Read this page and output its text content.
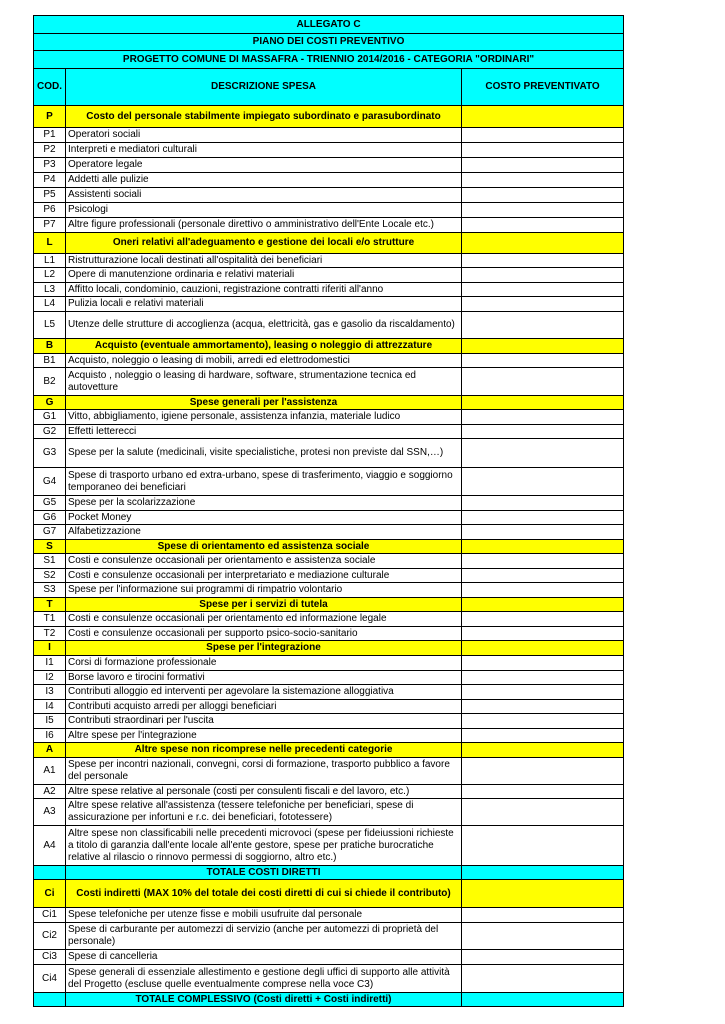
ALLEGATO C		
PIANO DEI COSTI PREVENTIVO		
PROGETTO COMUNE DI MASSAFRA - TRIENNIO 2014/2016 - CATEGORIA "ORDINARI"		
COD.	DESCRIZIONE SPESA	COSTO PREVENTIVATO
P	Costo del personale stabilmente impiegato subordinato e parasubordinato	
P1	Operatori sociali	
P2	Interpreti e mediatori culturali	
P3	Operatore legale	
P4	Addetti alle pulizie	
P5	Assistenti sociali	
P6	Psicologi	
P7	Altre figure professionali (personale direttivo o amministrativo dell'Ente Locale etc.)	
L	Oneri relativi all'adeguamento e gestione dei locali e/o strutture	
L1	Ristrutturazione locali destinati all'ospitalità dei beneficiari	
L2	Opere di manutenzione ordinaria e relativi materiali	
L3	Affitto locali, condominio, cauzioni, registrazione contratti riferiti all'anno	
L4	Pulizia locali e relativi materiali	
L5	Utenze delle strutture di accoglienza (acqua, elettricità, gas e gasolio da riscaldamento)	
B	Acquisto (eventuale ammortamento), leasing o noleggio di attrezzature	
B1	Acquisto, noleggio o leasing di mobili, arredi ed elettrodomestici	
B2	Acquisto , noleggio o leasing di hardware, software, strumentazione tecnica ed autovetture	
G	Spese generali per l'assistenza	
G1	Vitto, abbigliamento, igiene personale, assistenza infanzia, materiale ludico	
G2	Effetti letterecci	
G3	Spese per la salute (medicinali, visite specialistiche, protesi non previste dal SSN,…)	
G4	Spese di trasporto urbano ed extra-urbano, spese di trasferimento, viaggio e soggiorno temporaneo dei beneficiari	
G5	Spese per la scolarizzazione	
G6	Pocket Money	
G7	Alfabetizzazione	
S	Spese di orientamento ed assistenza sociale	
S1	Costi e consulenze occasionali per orientamento e assistenza sociale	
S2	Costi e consulenze occasionali per interpretariato e mediazione culturale	
S3	Spese per l'informazione sui programmi di rimpatrio volontario	
T	Spese per i servizi di tutela	
T1	Costi e consulenze occasionali per orientamento ed informazione legale	
T2	Costi e consulenze occasionali per supporto psico-socio-sanitario	
I	Spese per l'integrazione	
I1	Corsi di formazione professionale	
I2	Borse lavoro e tirocini formativi	
I3	Contributi alloggio ed interventi per agevolare la sistemazione alloggiativa	
I4	Contributi acquisto arredi per alloggi beneficiari	
I5	Contributi straordinari per l'uscita	
I6	Altre spese per l'integrazione	
A	Altre spese non ricomprese nelle precedenti categorie	
A1	Spese per incontri nazionali, convegni, corsi di formazione, trasporto pubblico a favore del personale	
A2	Altre spese relative al personale (costi per consulenti fiscali e del lavoro, etc.)	
A3	Altre spese relative all'assistenza (tessere telefoniche per beneficiari, spese di assicurazione per infortuni e r.c. dei beneficiari, fototessere)	
A4	Altre spese non classificabili nelle precedenti microvoci (spese per fideiussioni richieste a titolo di garanzia dall'ente locale all'ente gestore, spese per pratiche burocratiche relative al rilascio o rinnovo permessi di soggiorno, altro etc.)	
	TOTALE COSTI DIRETTI	
Ci	Costi indiretti (MAX 10% del totale dei costi diretti di cui si chiede il contributo)	
Ci1	Spese telefoniche per utenze fisse e mobili usufruite dal personale	
Ci2	Spese di carburante per automezzi di servizio (anche per automezzi di proprietà del personale)	
Ci3	Spese di cancelleria	
Ci4	Spese generali di essenziale allestimento e gestione degli uffici di supporto alle attività del Progetto (escluse quelle eventualmente comprese nella voce C3)	
	TOTALE COMPLESSIVO (Costi diretti + Costi indiretti)	
